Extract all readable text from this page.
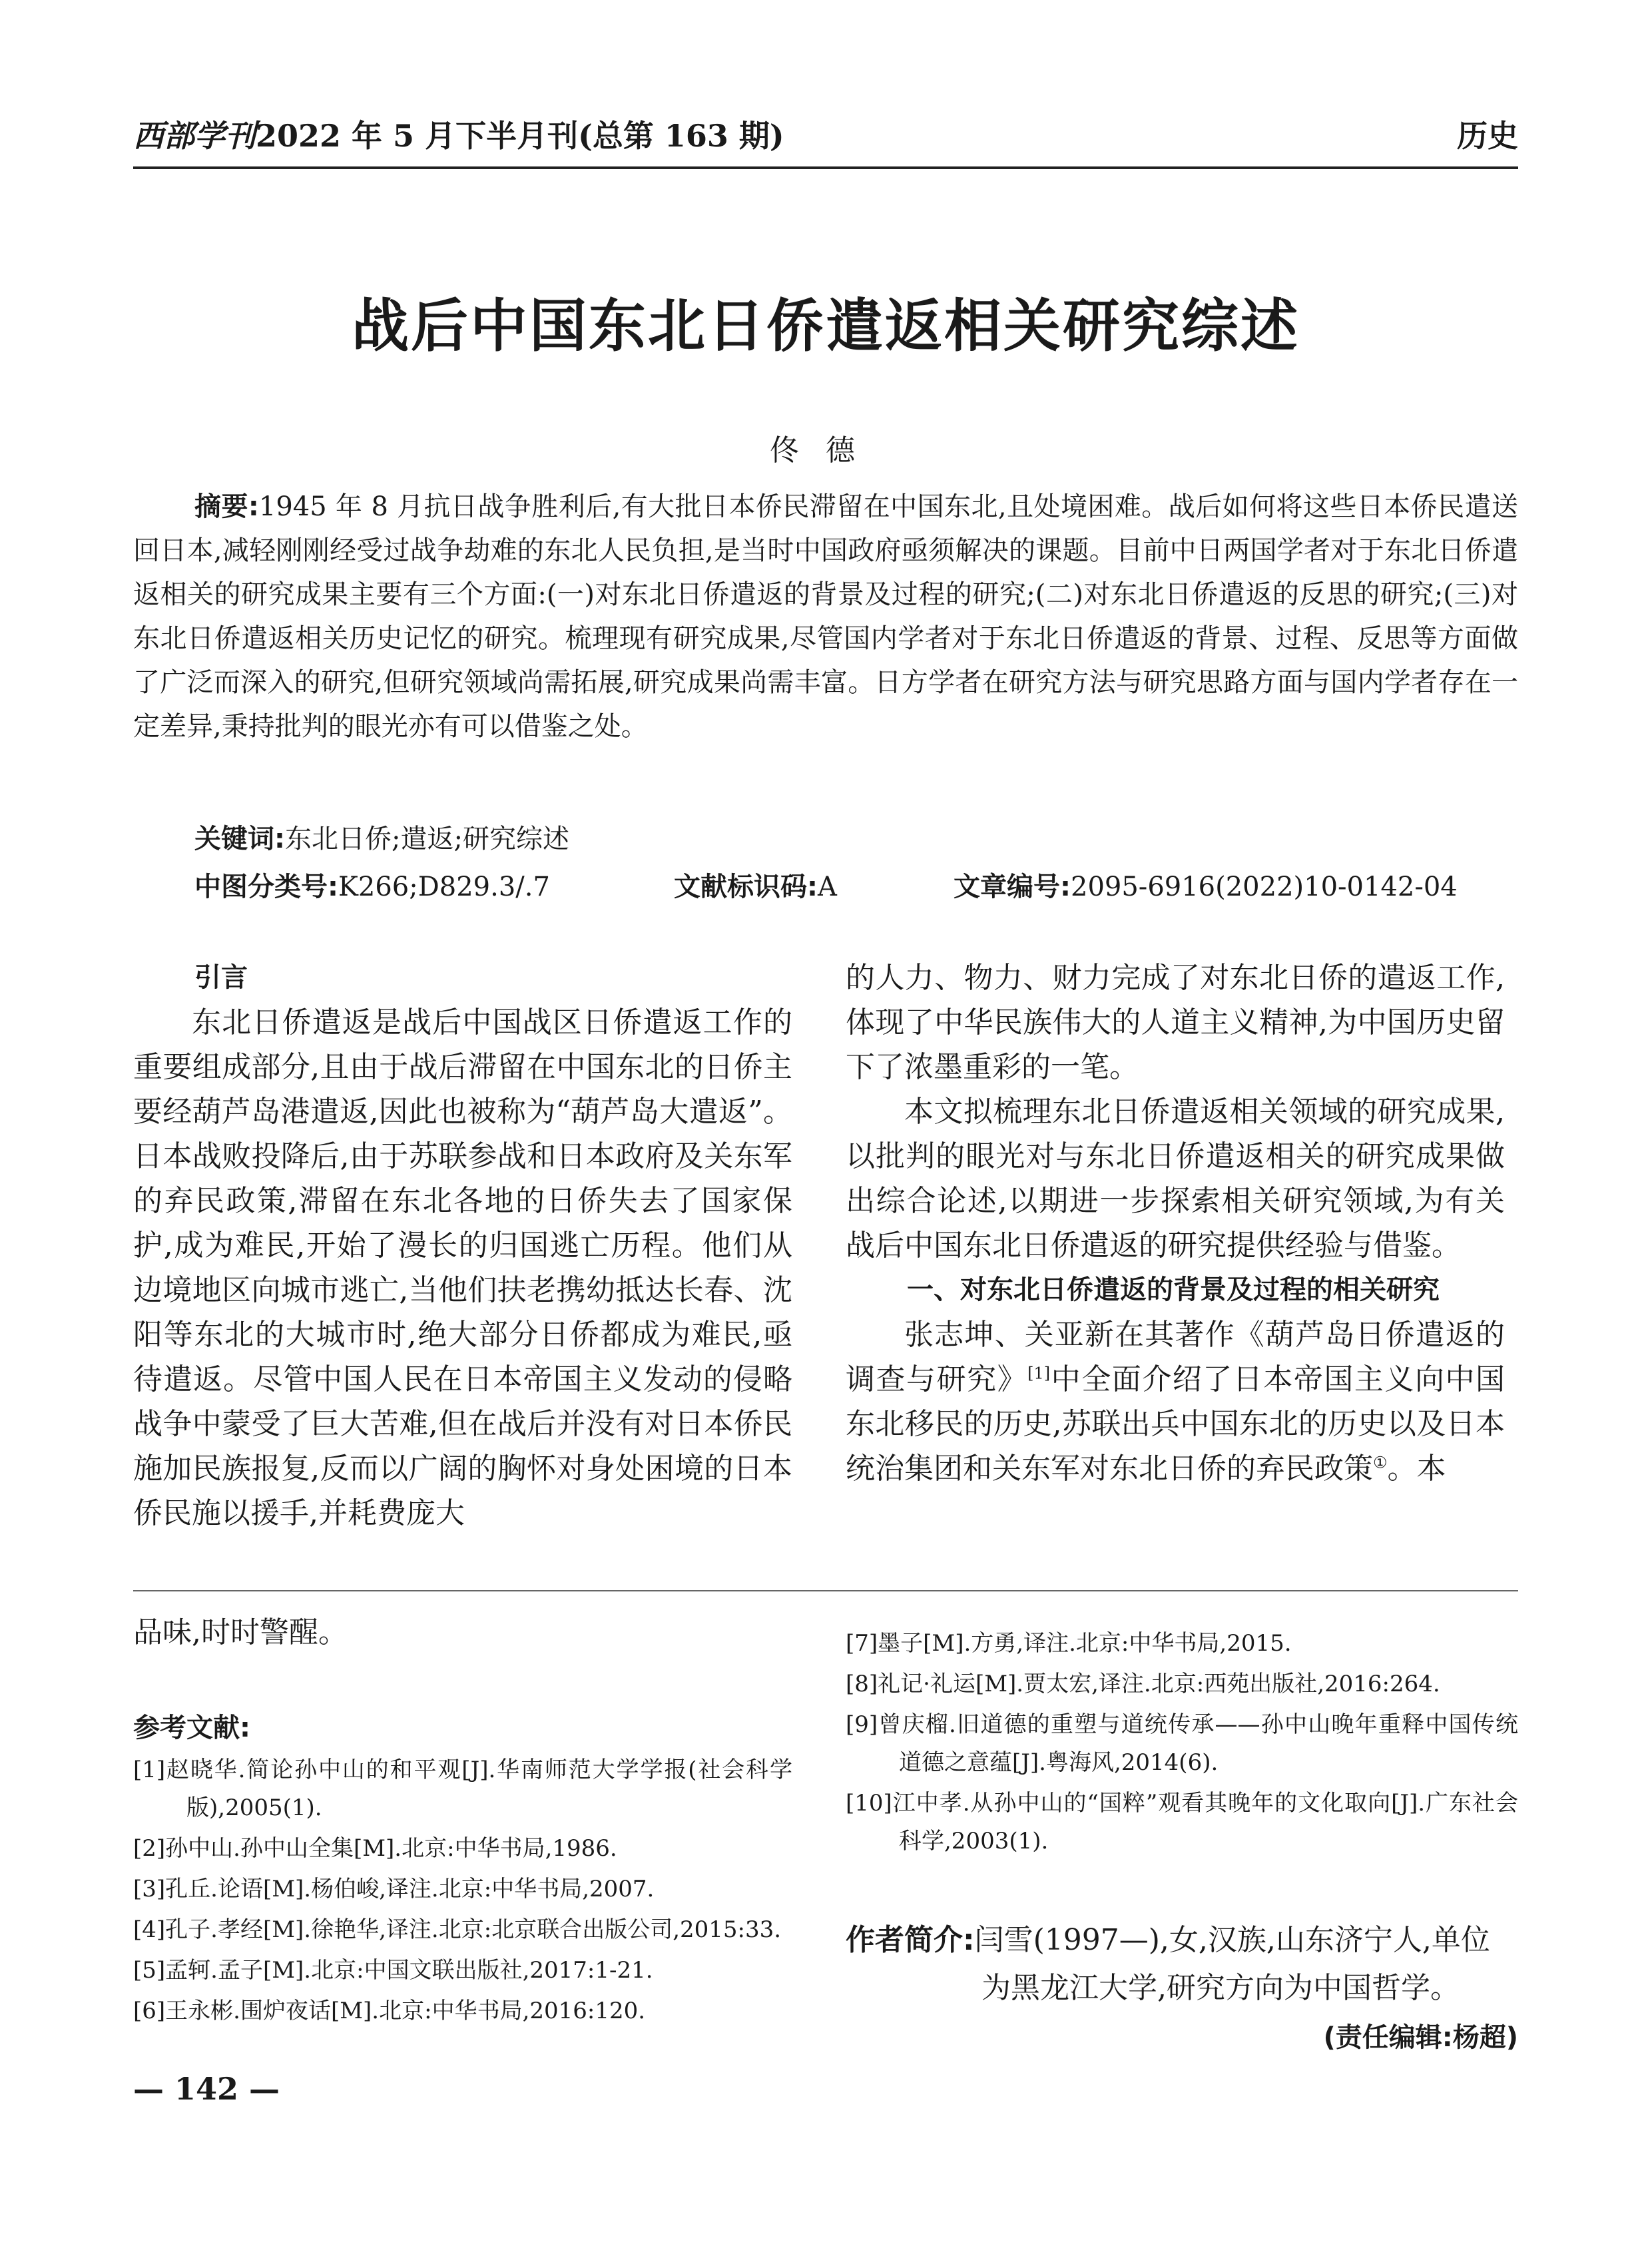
西部学刊2022 年 5 月下半月刊(总第 163 期)	历史
战后中国东北日侨遣返相关研究综述
佟德
摘要:1945 年 8 月抗日战争胜利后,有大批日本侨民滞留在中国东北,且处境困难。战后如何将这些日本侨民遣送回日本,减轻刚刚经受过战争劫难的东北人民负担,是当时中国政府亟须解决的课题。目前中日两国学者对于东北日侨遣返相关的研究成果主要有三个方面:(一)对东北日侨遣返的背景及过程的研究;(二)对东北日侨遣返的反思的研究;(三)对东北日侨遣返相关历史记忆的研究。梳理现有研究成果,尽管国内学者对于东北日侨遣返的背景、过程、反思等方面做了广泛而深入的研究,但研究领域尚需拓展,研究成果尚需丰富。日方学者在研究方法与研究思路方面与国内学者存在一定差异,秉持批判的眼光亦有可以借鉴之处。
关键词:东北日侨;遣返;研究综述
中图分类号:K266;D829.3/.7	文献标识码:A	文章编号:2095-6916(2022)10-0142-04

引言

东北日侨遣返是战后中国战区日侨遣返工作的重要组成部分,且由于战后滞留在中国东北的日侨主要经葫芦岛港遣返,因此也被称为“葫芦岛大遣返”。日本战败投降后,由于苏联参战和日本政府及关东军的弃民政策,滞留在东北各地的日侨失去了国家保护,成为难民,开始了漫长的归国逃亡历程。他们从边境地区向城市逃亡,当他们扶老携幼抵达长春、沈阳等东北的大城市时,绝大部分日侨都成为难民,亟待遣返。尽管中国人民在日本帝国主义发动的侵略战争中蒙受了巨大苦难,但在战后并没有对日本侨民施加民族报复,反而以广阔的胸怀对身处困境的日本侨民施以援手,并耗费庞大

的人力、物力、财力完成了对东北日侨的遣返工作,体现了中华民族伟大的人道主义精神,为中国历史留下了浓墨重彩的一笔。

本文拟梳理东北日侨遣返相关领域的研究成果,以批判的眼光对与东北日侨遣返相关的研究成果做出综合论述,以期进一步探索相关研究领域,为有关战后中国东北日侨遣返的研究提供经验与借鉴。

一、对东北日侨遣返的背景及过程的相关研究

张志坤、关亚新在其著作《葫芦岛日侨遣返的调查与研究》[1]中全面介绍了日本帝国主义向中国东北移民的历史,苏联出兵中国东北的历史以及日本统治集团和关东军对东北日侨的弃民政策①。本

品味,时时警醒。
参考文献:
[1]赵晓华.简论孙中山的和平观[J].华南师范大学学报(社会科学版),2005(1).
[2]孙中山.孙中山全集[M].北京:中华书局,1986.
[3]孔丘.论语[M].杨伯峻,译注.北京:中华书局,2007.
[4]孔子.孝经[M].徐艳华,译注.北京:北京联合出版公司,2015:33.
[5]孟轲.孟子[M].北京:中国文联出版社,2017:1-21.
[6]王永彬.围炉夜话[M].北京:中华书局,2016:120.
[7]墨子[M].方勇,译注.北京:中华书局,2015.
[8]礼记·礼运[M].贾太宏,译注.北京:西苑出版社,2016:264.
[9]曾庆榴.旧道德的重塑与道统传承——孙中山晚年重释中国传统道德之意蕴[J].粤海风,2014(6).
[10]江中孝.从孙中山的“国粹”观看其晚年的文化取向[J].广东社会科学,2003(1).
作者简介:闫雪(1997—),女,汉族,山东济宁人,单位为黑龙江大学,研究方向为中国哲学。
(责任编辑:杨超)
— 142 —
